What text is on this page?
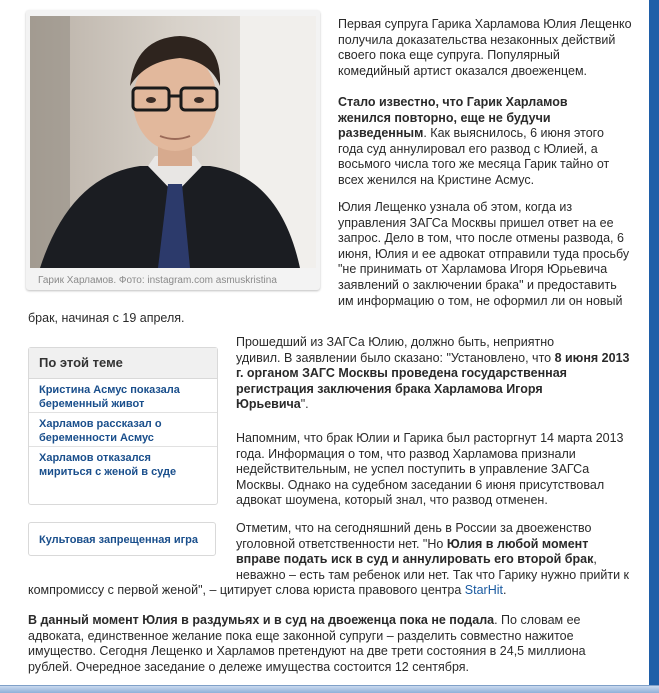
Гарик Харламов. Фото: instagram.com asmuskristina
Первая супруга Гарика Харламова Юлия Лещенко
получила доказательства незаконных действий
своего пока еще супруга. Популярный
комедийный артист оказался двоеженцем.
Стало известно, что Гарик Харламов
женился повторно, еще не будучи
разведенным. Как выяснилось, 6 июня этого
года суд аннулировал его развод с Юлией, а
восьмого числа того же месяца Гарик тайно от
всех женился на Кристине Асмус.
Юлия Лещенко узнала об этом, когда из
управления ЗАГСа Москвы пришел ответ на ее
запрос. Дело в том, что после отмены развода, 6
июня, Юлия и ее адвокат отправили туда просьбу
"не принимать от Харламова Игоря Юрьевича
заявлений о заключении брака" и предоставить
им информацию о том, не оформил ли он новый
брак, начиная с 19 апреля.
По этой теме
Кристина Асмус показала
беременный живот
Харламов рассказал о
беременности Асмус
Харламов отказался
мириться с женой в суде
Культовая запрещенная игра
Прошедший из ЗАГСа Юлию, должно быть, неприятно
удивил. В заявлении было сказано: "Установлено, что 8 июня 2013
г. органом ЗАГС Москвы проведена государственная
регистрация заключения брака Харламова Игоря
Юрьевича".
Напомним, что брак Юлии и Гарика был расторгнут 14 марта 2013
года. Информация о том, что развод Харламова признали
недействительным, не успел поступить в управление ЗАГСа
Москвы. Однако на судебном заседании 6 июня присутствовал
адвокат шоумена, который знал, что развод отменен.
Отметим, что на сегодняшний день в России за двоеженство
уголовной ответственности нет. "Но Юлия в любой момент
вправе подать иск в суд и аннулировать его второй брак,
неважно – есть там ребенок или нет. Так что Гарику нужно прийти к
компромиссу с первой женой", – цитирует слова юриста правового центра StarHit.
В данный момент Юлия в раздумьях и в суд на двоеженца пока не подала. По словам ее
адвоката, единственное желание пока еще законной супруги – разделить совместно нажитое
имущество. Сегодня Лещенко и Харламов претендуют на две трети состояния в 24,5 миллиона
рублей. Очередное заседание о дележе имущества состоится 12 сентября.
